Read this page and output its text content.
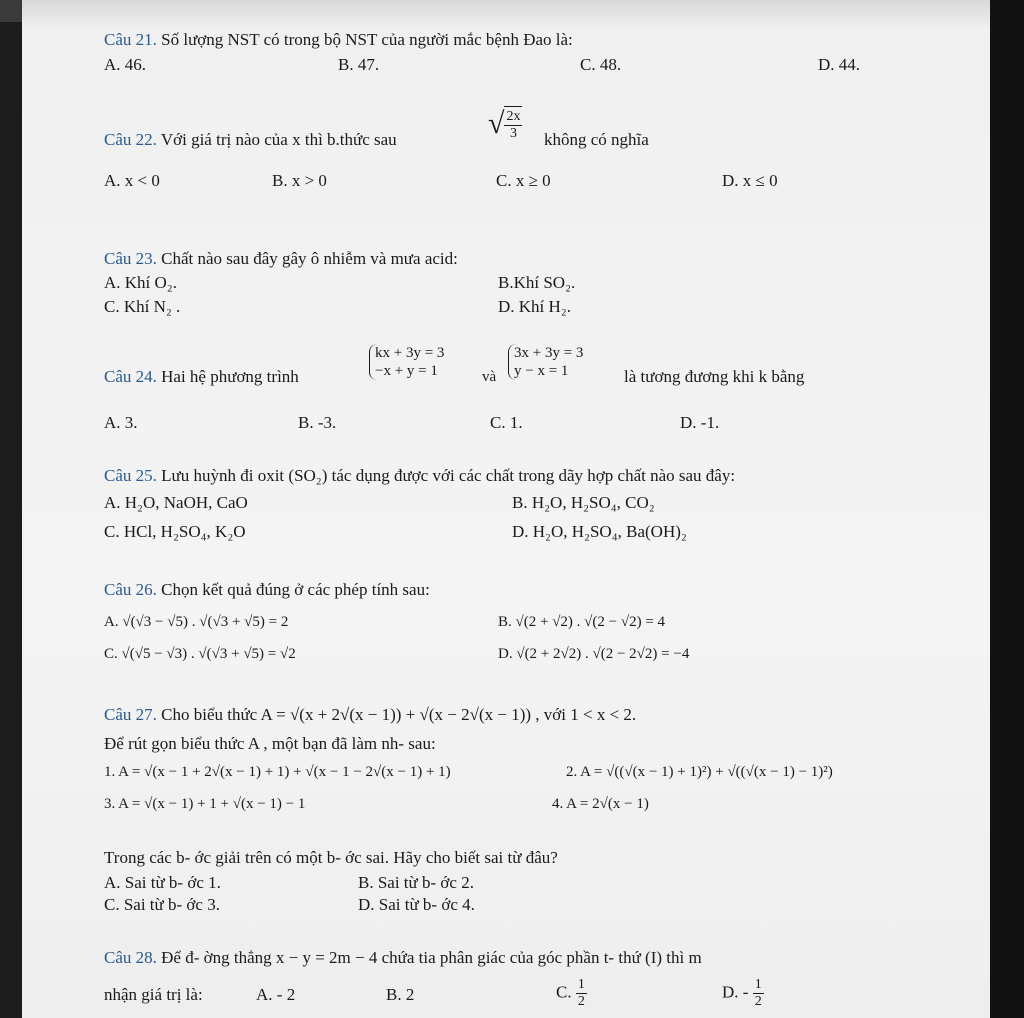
Câu 21. Số lượng NST có trong bộ NST của người mắc bệnh Đao là:
A. 46.	B. 47.	C. 48.	D. 44.
Câu 22. Với giá trị nào của x thì b.thức sau	√ $\frac{2x}{3}$ không có nghĩa
A. x < 0	B. x > 0	C. x ≥ 0	D. x ≤ 0
Câu 23. Chất nào sau đây gây ô nhiễm và mưa acid:
A. Khí O₂.	B.Khí SO₂.
C. Khí N₂ .	D. Khí H₂.
Câu 24. Hai hệ phương trình
kx + 3y = 3
−x + y = 1	và
3x + 3y = 3
y − x = 1	là tương đương khi k bằng
A. 3.	B. -3.	C. 1.	D. -1.
Câu 25. Lưu huỳnh đi oxit (SO₂) tác dụng được với các chất trong dãy hợp chất nào sau đây:
A. H₂O, NaOH, CaO	B. H₂O, H₂SO₄, CO₂
C. HCl, H₂SO₄, K₂O	D. H₂O, H₂SO₄, Ba(OH)₂
Câu 26. Chọn kết quả đúng ở các phép tính sau:
A. √(√3 − √5) . √(√3 + √5) = 2	B. √(2 + √2) . √(2 − √2) = 4
C. √(√5 − √3) . √(√3 + √5) = √2	D. √(2 + 2√2) . √(2 − 2√2) = −4
Câu 27. Cho biểu thức A = √(x + 2√(x − 1)) + √(x − 2√(x − 1)) , với 1 < x < 2.
Để rút gọn biểu thức A , một bạn đã làm nh- sau:
1. A = √(x − 1 + 2√(x − 1) + 1) + √(x − 1 − 2√(x − 1) + 1)	2. A = √((√(x − 1) + 1)²) + √((√(x − 1) − 1)²)
3. A = √(x − 1) + 1 + √(x − 1) − 1	4. A = 2√(x − 1)
Trong các b- ớc giải trên có một b- ớc sai. Hãy cho biết sai từ đâu?
A. Sai từ b- ớc 1.	B. Sai từ b- ớc 2.
C. Sai từ b- ớc 3.	D. Sai từ b- ớc 4.
Câu 28. Để đ- ờng thẳng x − y = 2m − 4 chứa tia phân giác của góc phần t- thứ (I) thì m
nhận giá trị là:	A. - 2	B. 2	C. $\frac{1}{2}$	D. - $\frac{1}{2}$
